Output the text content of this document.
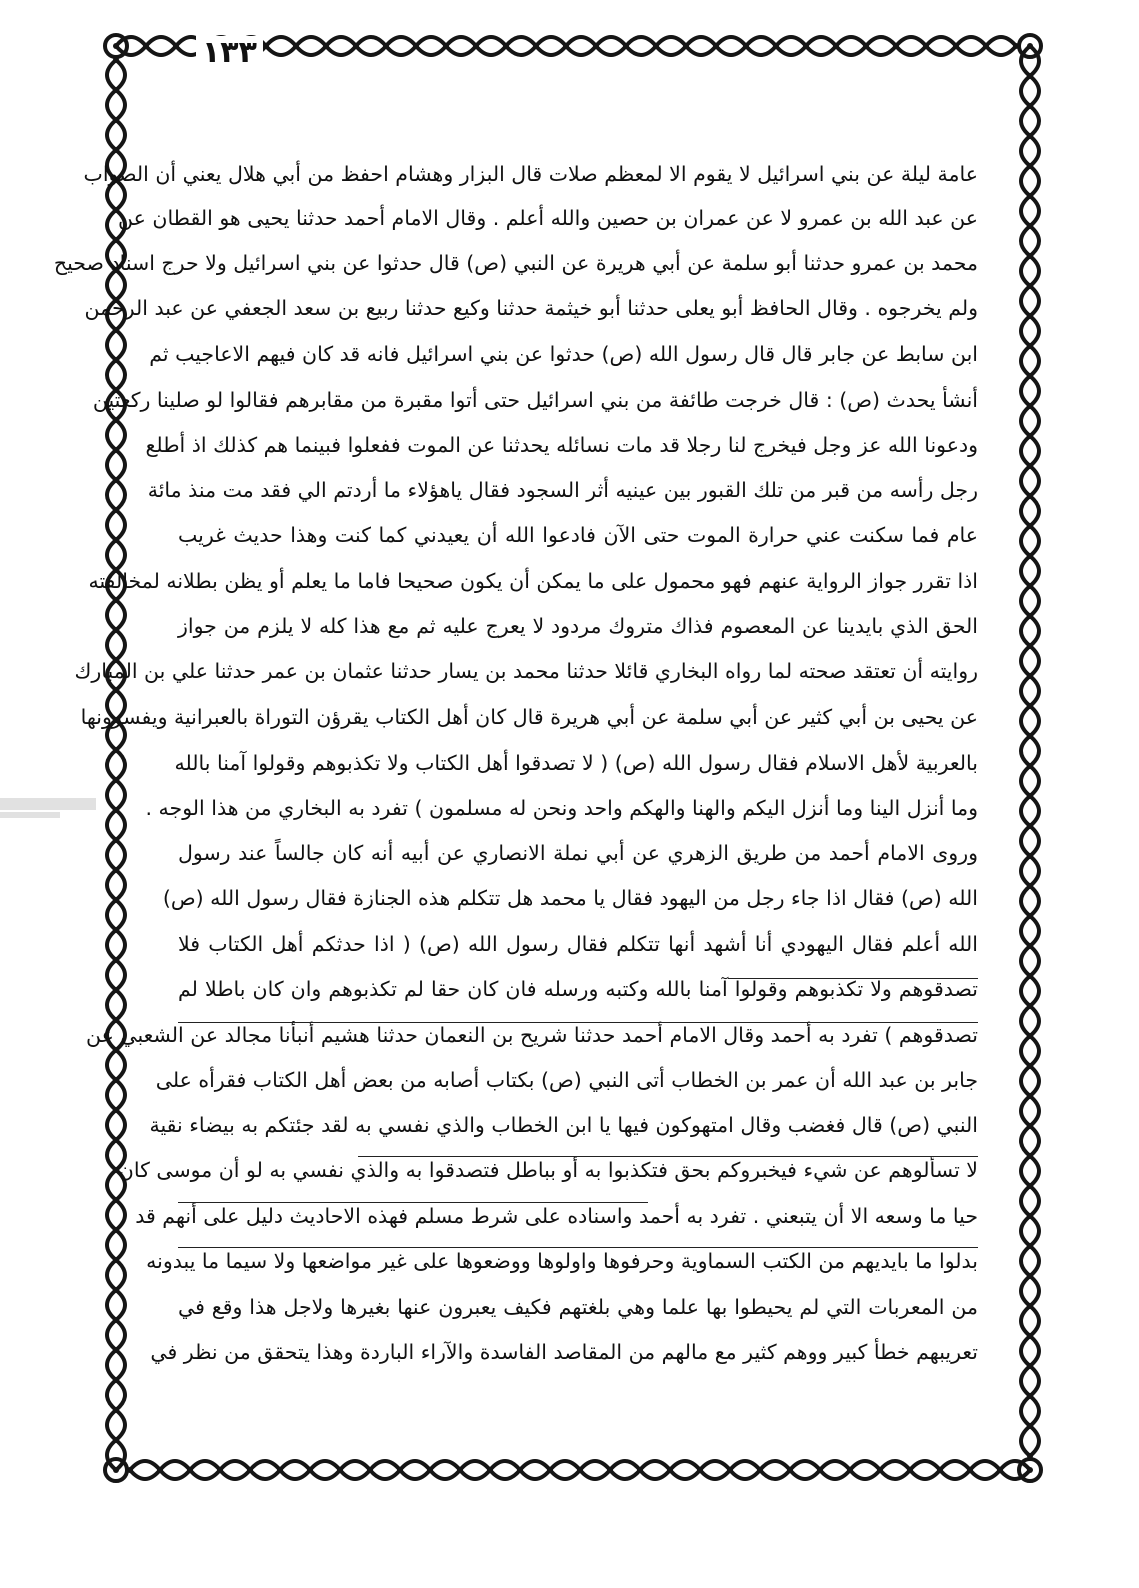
١٣٣
عامة ليلة عن بني اسرائيل لا يقوم الا لمعظم صلات قال البزار وهشام احفظ من أبي هلال يعني أن الصواب
عن عبد الله بن عمرو لا عن عمران بن حصين والله أعلم . وقال الامام أحمد حدثنا يحيى هو القطان عن
محمد بن عمرو حدثنا أبو سلمة عن أبي هريرة عن النبي (ص) قال حدثوا عن بني اسرائيل ولا حرج اسناد صحيح
ولم يخرجوه . وقال الحافظ أبو يعلى حدثنا أبو خيثمة حدثنا وكيع حدثنا ربيع بن سعد الجعفي عن عبد الرحمن
ابن سابط عن جابر قال قال رسول الله (ص) حدثوا عن بني اسرائيل فانه قد كان فيهم الاعاجيب ثم
أنشأ يحدث (ص) : قال خرجت طائفة من بني اسرائيل حتى أتوا مقبرة من مقابرهم فقالوا لو صلينا ركعتين
ودعونا الله عز وجل فيخرج لنا رجلا قد مات نسائله يحدثنا عن الموت ففعلوا فبينما هم كذلك اذ أطلع
رجل رأسه من قبر من تلك القبور بين عينيه أثر السجود فقال ياهؤلاء ما أردتم الي فقد مت منذ مائة
عام فما سكنت عني حرارة الموت حتى الآن فادعوا الله أن يعيدني كما كنت وهذا حديث غريب
اذا تقرر جواز الرواية عنهم فهو محمول على ما يمكن أن يكون صحيحا فاما ما يعلم أو يظن بطلانه لمخالفته
الحق الذي بايدينا عن المعصوم فذاك متروك مردود لا يعرج عليه ثم مع هذا كله لا يلزم من جواز
روايته أن تعتقد صحته لما رواه البخاري قائلا حدثنا محمد بن يسار حدثنا عثمان بن عمر حدثنا علي بن المبارك
عن يحيى بن أبي كثير عن أبي سلمة عن أبي هريرة قال كان أهل الكتاب يقرؤن التوراة بالعبرانية ويفسرونها
بالعربية لأهل الاسلام فقال رسول الله (ص) ( لا تصدقوا أهل الكتاب ولا تكذبوهم وقولوا آمنا بالله
وما أنزل الينا وما أنزل اليكم والهنا والهكم واحد ونحن له مسلمون ) تفرد به البخاري من هذا الوجه .
وروى الامام أحمد من طريق الزهري عن أبي نملة الانصاري عن أبيه أنه كان جالساً عند رسول
الله (ص) فقال اذا جاء رجل من اليهود فقال يا محمد هل تتكلم هذه الجنازة فقال رسول الله (ص)
الله أعلم فقال اليهودي أنا أشهد أنها تتكلم فقال رسول الله (ص) ( اذا حدثكم أهل الكتاب فلا
تصدقوهم ولا تكذبوهم وقولوا آمنا بالله وكتبه ورسله فان كان حقا لم تكذبوهم وان كان باطلا لم
تصدقوهم ) تفرد به أحمد وقال الامام أحمد حدثنا شريح بن النعمان حدثنا هشيم أنبأنا مجالد عن الشعبي عن
جابر بن عبد الله أن عمر بن الخطاب أتى النبي (ص) بكتاب أصابه من بعض أهل الكتاب فقرأه على
النبي (ص) قال فغضب وقال امتهوكون فيها يا ابن الخطاب والذي نفسي به لقد جئتكم به بيضاء نقية
لا تسألوهم عن شيء فيخبروكم بحق فتكذبوا به أو بباطل فتصدقوا به والذي نفسي به لو أن موسى كان
حيا ما وسعه الا أن يتبعني . تفرد به أحمد واسناده على شرط مسلم فهذه الاحاديث دليل على أنهم قد
بدلوا ما بايديهم من الكتب السماوية وحرفوها واولوها ووضعوها على غير مواضعها ولا سيما ما يبدونه
من المعربات التي لم يحيطوا بها علما وهي بلغتهم فكيف يعبرون عنها بغيرها ولاجل هذا وقع في
تعريبهم خطأ كبير ووهم كثير مع مالهم من المقاصد الفاسدة والآراء الباردة وهذا يتحقق من نظر في
